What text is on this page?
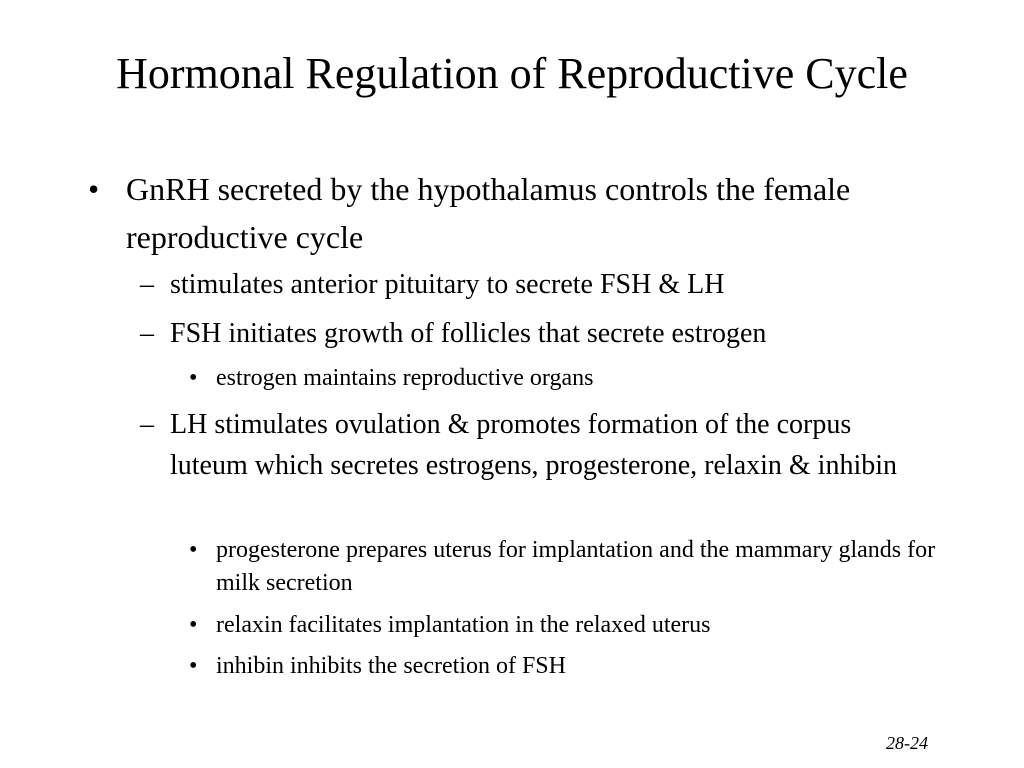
Hormonal Regulation of Reproductive Cycle
• GnRH secreted by the hypothalamus controls the female reproductive cycle
– stimulates anterior pituitary to secrete FSH & LH
– FSH initiates growth of follicles that secrete estrogen
• estrogen maintains reproductive organs
– LH stimulates ovulation & promotes formation of the corpus luteum which secretes estrogens, progesterone, relaxin & inhibin
• progesterone prepares uterus for implantation and the mammary glands for milk secretion
• relaxin facilitates implantation in the relaxed uterus
• inhibin inhibits the secretion of FSH
28-24
